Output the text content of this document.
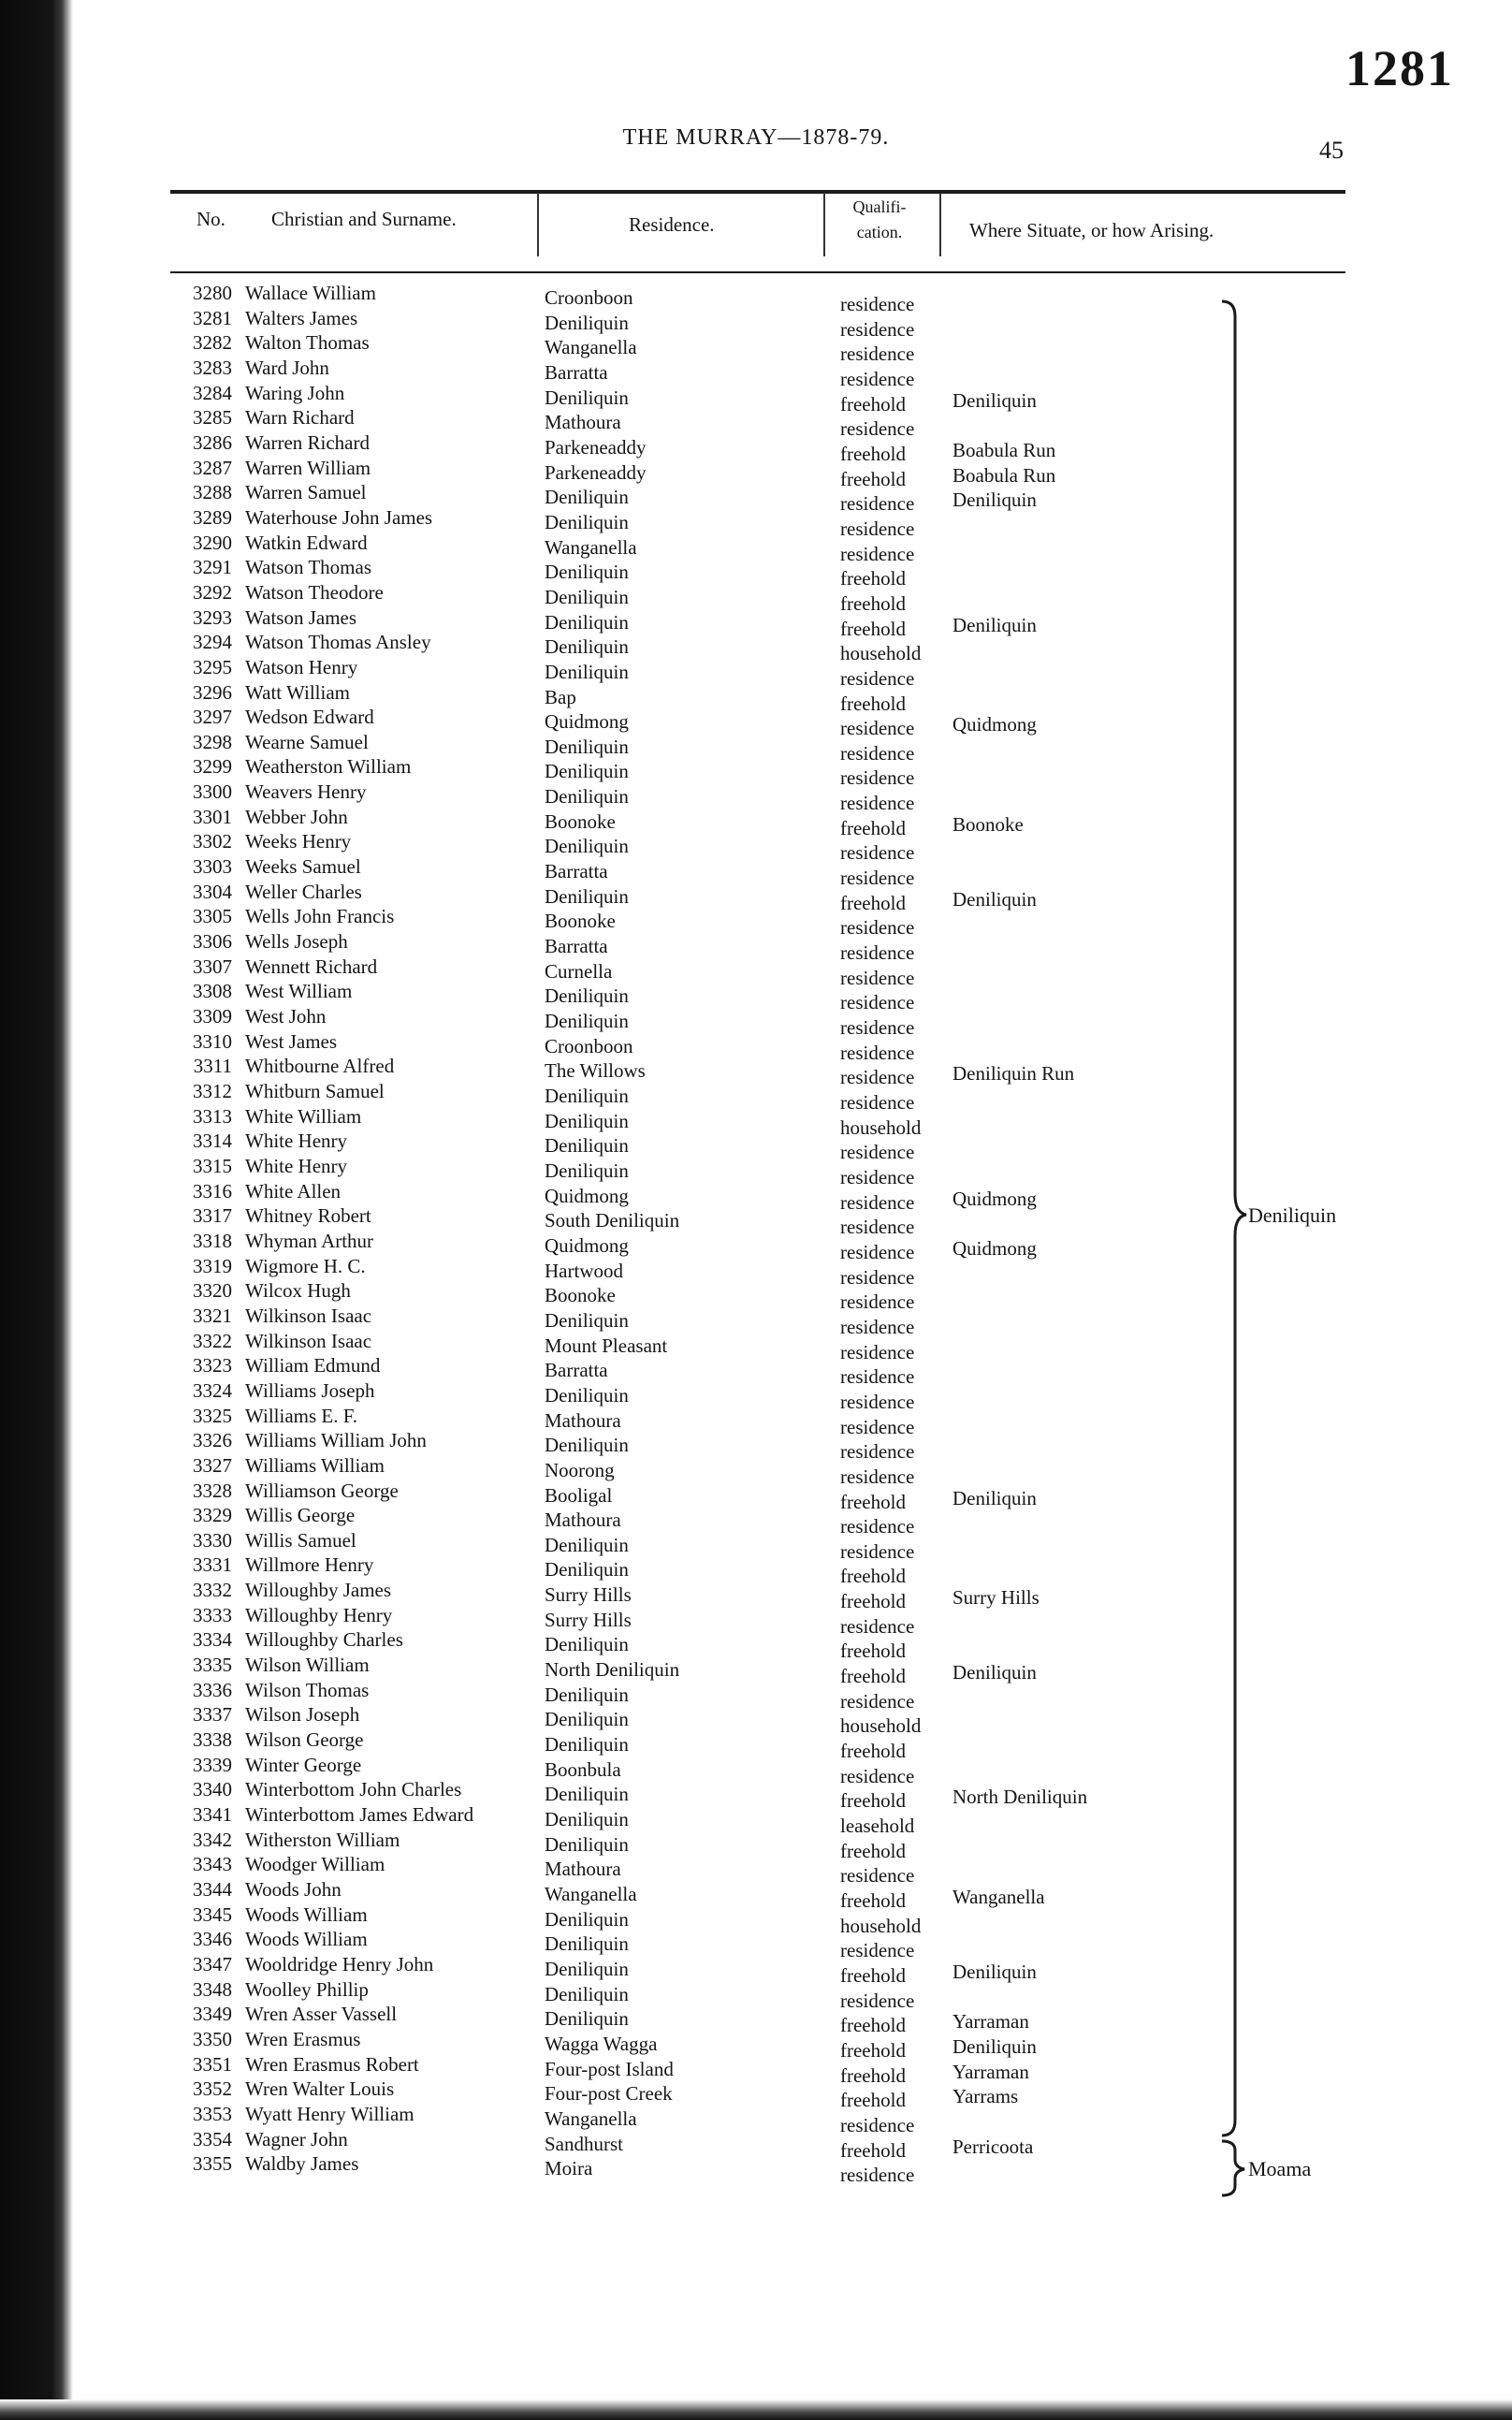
1281
THE MURRAY—1878-79.	45
No. Christian and Surname.	Residence.
Qualifi-
cation.	Where Situate, or how Arising.
3280 Wallace William	Croonboon	residence
3281 Walters James	Deniliquin	residence
3282 Walton Thomas	Wanganella	residence
3283 Ward John	Barratta	residence
3284 Waring John	Deniliquin	freehold Deniliquin
3285 Warn Richard	Mathoura	residence
3286 Warren Richard	Parkeneaddy	freehold Boabula Run
3287 Warren William	Parkeneaddy	freehold Boabula Run
3288 Warren Samuel	Deniliquin	residence Deniliquin
3289 Waterhouse John James	Deniliquin	residence
3290 Watkin Edward	Wanganella	residence
3291 Watson Thomas	Deniliquin	freehold
3292 Watson Theodore	Deniliquin	freehold
3293 Watson James	Deniliquin	freehold Deniliquin
3294 Watson Thomas Ansley	Deniliquin	household
3295 Watson Henry	Deniliquin	residence
3296 Watt William	Bap	freehold
3297 Wedson Edward	Quidmong	residence Quidmong
3298 Wearne Samuel	Deniliquin	residence
3299 Weatherston William	Deniliquin	residence
3300 Weavers Henry	Deniliquin	residence
3301 Webber John	Boonoke	freehold Boonoke
3302 Weeks Henry	Deniliquin	residence
3303 Weeks Samuel	Barratta	residence
3304 Weller Charles	Deniliquin	freehold Deniliquin
3305 Wells John Francis	Boonoke	residence
3306 Wells Joseph	Barratta	residence
3307 Wennett Richard	Curnella	residence
3308 West William	Deniliquin	residence
3309 West John	Deniliquin	residence
3310 West James	Croonboon	residence
3311 Whitbourne Alfred	The Willows	residence Deniliquin Run
3312 Whitburn Samuel	Deniliquin	residence
3313 White William	Deniliquin	household
3314 White Henry	Deniliquin	residence
3315 White Henry	Deniliquin	residence
3316 White Allen	Quidmong	residence Quidmong
3317 Whitney Robert	South Deniliquin	residence
3318 Whyman Arthur	Quidmong	residence Quidmong
3319 Wigmore H. C.	Hartwood	residence
3320 Wilcox Hugh	Boonoke	residence
3321 Wilkinson Isaac	Deniliquin	residence
3322 Wilkinson Isaac	Mount Pleasant	residence
3323 William Edmund	Barratta	residence
3324 Williams Joseph	Deniliquin	residence
3325 Williams E. F.	Mathoura	residence
3326 Williams William John	Deniliquin	residence
3327 Williams William	Noorong	residence
3328 Williamson George	Booligal	freehold Deniliquin
3329 Willis George	Mathoura	residence
3330 Willis Samuel	Deniliquin	residence
3331 Willmore Henry	Deniliquin	freehold
3332 Willoughby James	Surry Hills	freehold Surry Hills
3333 Willoughby Henry	Surry Hills	residence
3334 Willoughby Charles	Deniliquin	freehold
3335 Wilson William	North Deniliquin	freehold Deniliquin
3336 Wilson Thomas	Deniliquin	residence
3337 Wilson Joseph	Deniliquin	household
3338 Wilson George	Deniliquin	freehold
3339 Winter George	Boonbula	residence
3340 Winterbottom John Charles	Deniliquin	freehold North Deniliquin
3341 Winterbottom James Edward	Deniliquin	leasehold
3342 Witherston William	Deniliquin	freehold
3343 Woodger William	Mathoura	residence
3344 Woods John	Wanganella	freehold Wanganella
3345 Woods William	Deniliquin	household
3346 Woods William	Deniliquin	residence
3347 Wooldridge Henry John	Deniliquin	freehold Deniliquin
3348 Woolley Phillip	Deniliquin	residence
3349 Wren Asser Vassell	Deniliquin	freehold Yarraman
3350 Wren Erasmus	Wagga Wagga	freehold Deniliquin
3351 Wren Erasmus Robert	Four-post Island	freehold Yarraman
3352 Wren Walter Louis	Four-post Creek	freehold Yarrams
3353 Wyatt Henry William	Wanganella	residence
3354 Wagner John	Sandhurst	freehold Perricoota
3355 Waldby James	Moira	residence
Deniliquin
Moama
